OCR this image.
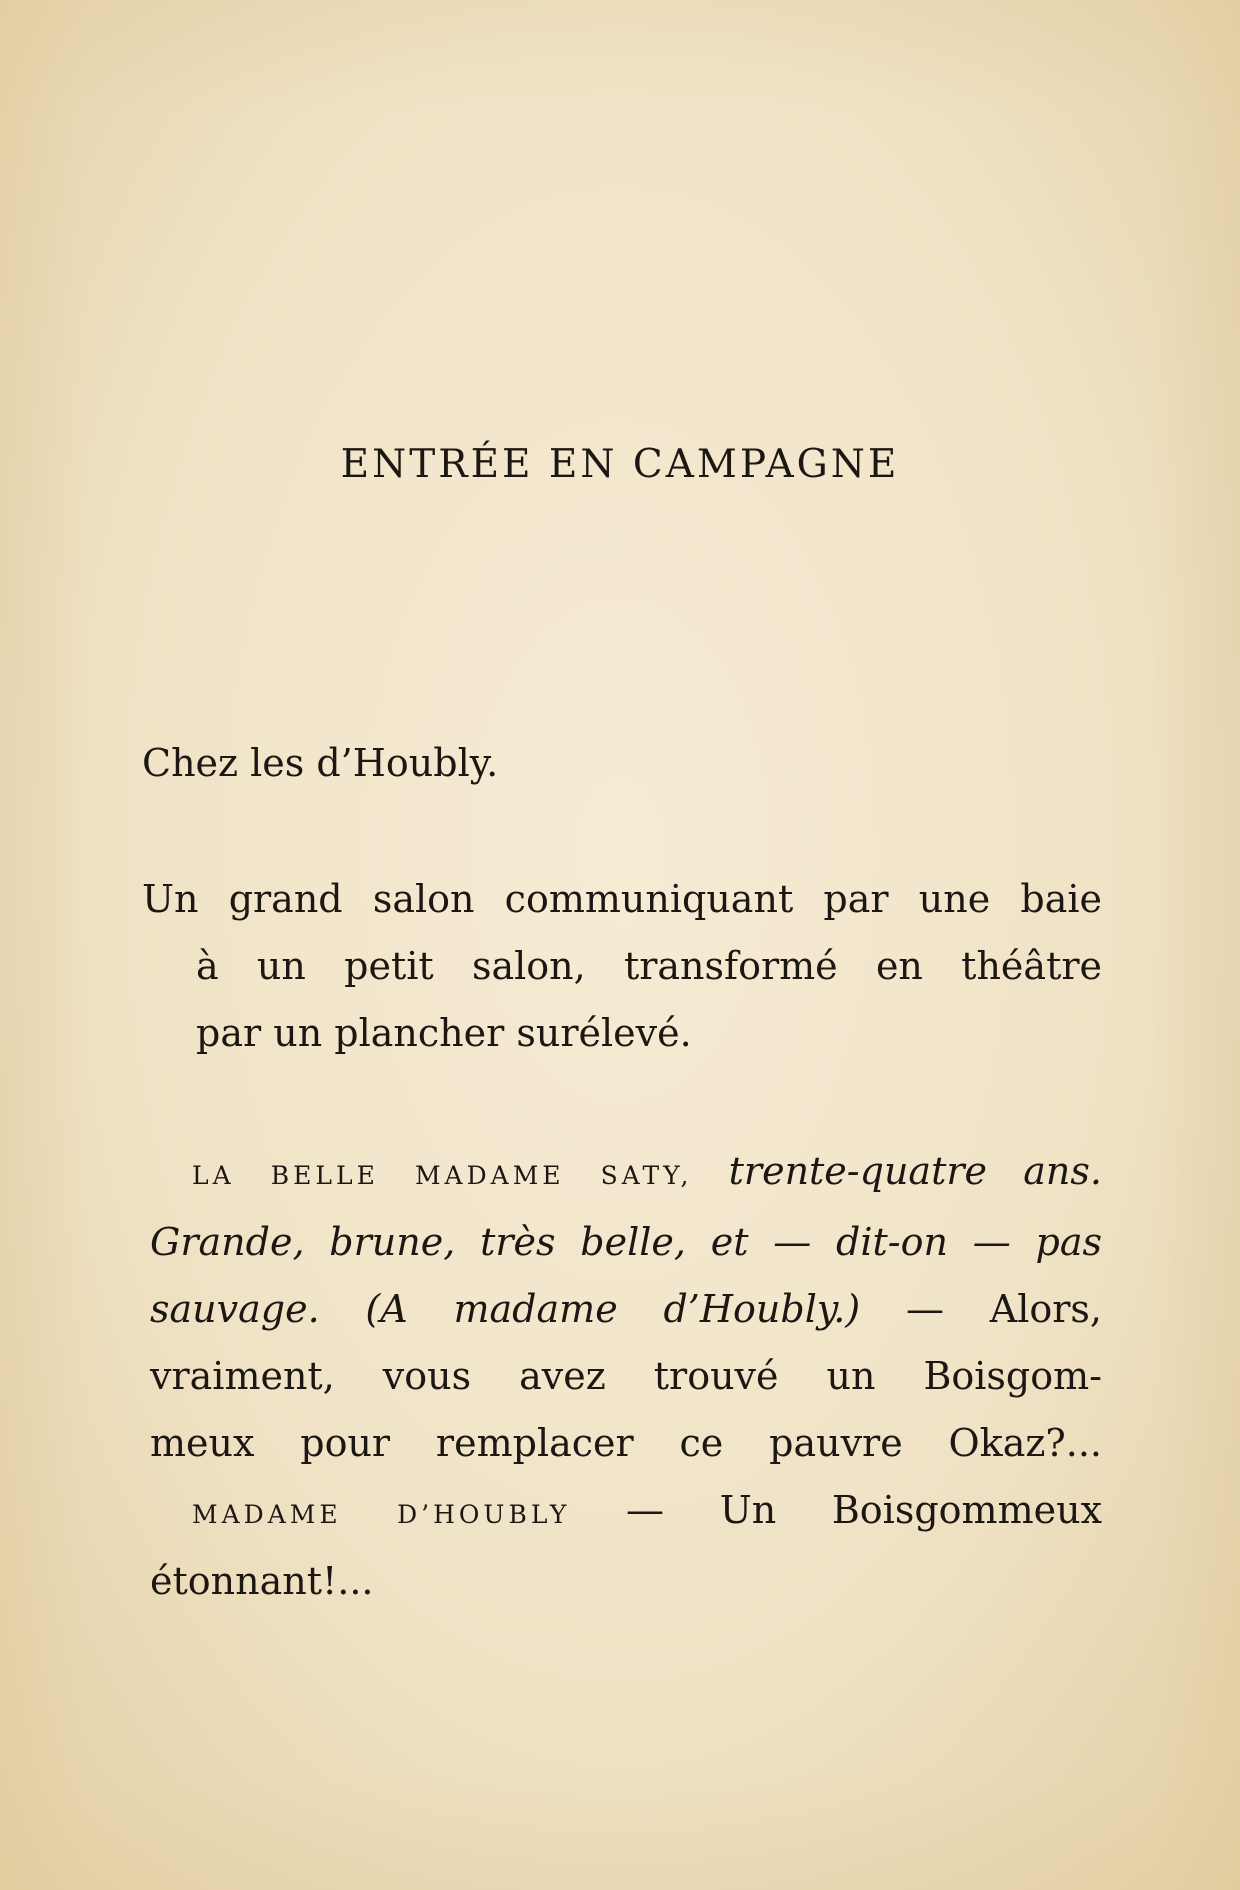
ENTRÉE EN CAMPAGNE

Chez les d’Houbly.

Un grand salon communiquant par une baie
à un petit salon, transformé en théâtre
par un plancher surélevé.

LA BELLE MADAME SATY, trente-quatre ans.
Grande, brune, très belle, et — dit-on — pas
sauvage. (A madame d’Houbly.) — Alors,
vraiment, vous avez trouvé un Boisgom-
meux pour remplacer ce pauvre Okaz?...
MADAME D’HOUBLY — Un Boisgommeux
étonnant!...
